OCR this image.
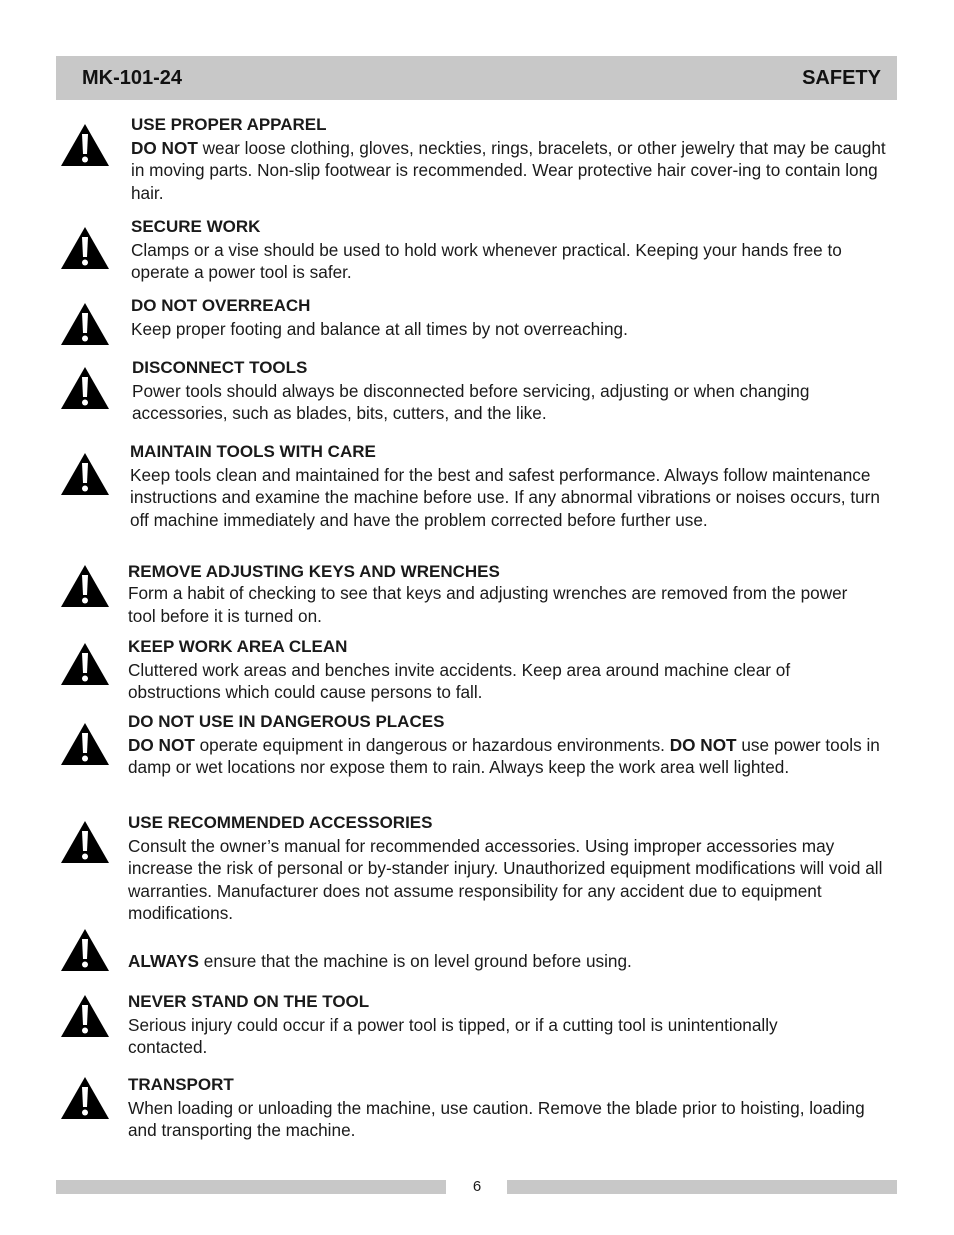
MK-101-24	SAFETY
USE PROPER APPAREL
DO NOT wear loose clothing, gloves, neckties, rings, bracelets, or other jewelry that may be caught in moving parts. Non-slip footwear is recommended. Wear protective hair cover-ing to contain long hair.
SECURE WORK
Clamps or a vise should be used to hold work whenever practical. Keeping your hands free to operate a power tool is safer.
DO NOT OVERREACH
Keep proper footing and balance at all times by not overreaching.
DISCONNECT TOOLS
Power tools should always be disconnected before servicing, adjusting or when changing accessories, such as blades, bits, cutters, and the like.
MAINTAIN TOOLS WITH CARE
Keep tools clean and maintained for the best and safest performance. Always follow maintenance instructions and examine the machine before use. If any abnormal vibrations or noises occurs, turn off machine immediately and have the problem corrected before further use.
REMOVE ADJUSTING KEYS AND WRENCHES
Form a habit of checking to see that keys and adjusting wrenches are removed from the power tool before it is turned on.
KEEP WORK AREA CLEAN
Cluttered work areas and benches invite accidents. Keep area around machine clear of obstructions which could cause persons to fall.
DO NOT USE IN DANGEROUS PLACES
DO NOT operate equipment in dangerous or hazardous environments. DO NOT use power tools in damp or wet locations nor expose them to rain. Always keep the work area well lighted.
USE RECOMMENDED ACCESSORIES
Consult the owner’s manual for recommended accessories. Using improper accessories may increase the risk of personal or by-stander injury. Unauthorized equipment modifications will void all warranties. Manufacturer does not assume responsibility for any accident due to equipment modifications.
ALWAYS ensure that the machine is on level ground before using.
NEVER STAND ON THE TOOL
Serious injury could occur if a power tool is tipped, or if a cutting tool is unintentionally contacted.
TRANSPORT
When loading or unloading the machine, use caution. Remove the blade prior to hoisting, loading and transporting the machine.
6
